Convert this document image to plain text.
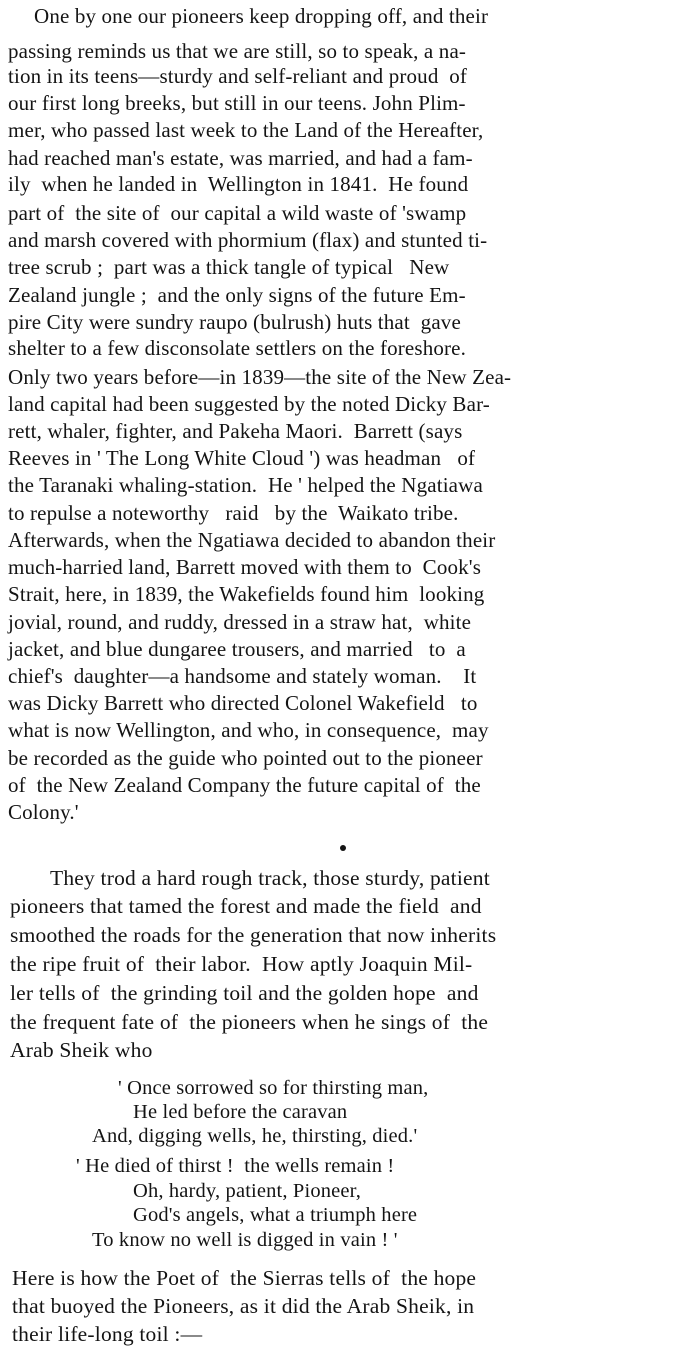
One by one our pioneers keep dropping off, and their
passing reminds us that we are still, so to speak, a na-
tion in its teens—sturdy and self-reliant and proud  of
our first long breeks, but still in our teens. John Plim-
mer, who passed last week to the Land of the Hereafter,
had reached man's estate, was married, and had a fam-
ily  when he landed in  Wellington in 1841.  He found
part of  the site of  our capital a wild waste of 'swamp
and marsh covered with phormium (flax) and stunted ti-
tree scrub ;  part was a thick tangle of typical   New
Zealand jungle ;  and the only signs of the future Em-
pire City were sundry raupo (bulrush) huts that  gave
shelter to a few disconsolate settlers on the foreshore.
Only two years before—in 1839—the site of the New Zea-
land capital had been suggested by the noted Dicky Bar-
rett, whaler, fighter, and Pakeha Maori.  Barrett (says
Reeves in ' The Long White Cloud ') was headman   of
the Taranaki whaling-station.  He ' helped the Ngatiawa
to repulse a noteworthy   raid   by the  Waikato tribe.
Afterwards, when the Ngatiawa decided to abandon their
much-harried land, Barrett moved with them to  Cook's
Strait, here, in 1839, the Wakefields found him  looking
jovial, round, and ruddy, dressed in a straw hat,  white
jacket, and blue dungaree trousers, and married   to  a
chief's  daughter—a handsome and stately woman.    It
was Dicky Barrett who directed Colonel Wakefield   to
what is now Wellington, and who, in consequence,  may
be recorded as the guide who pointed out to the pioneer
of  the New Zealand Company the future capital of  the
Colony.'
They trod a hard rough track, those sturdy, patient
pioneers that tamed the forest and made the field  and
smoothed the roads for the generation that now inherits
the ripe fruit of  their labor.  How aptly Joaquin Mil-
ler tells of  the grinding toil and the golden hope  and
the frequent fate of  the pioneers when he sings of  the
Arab Sheik who
' Once sorrowed so for thirsting man,
He led before the caravan
And, digging wells, he, thirsting, died.'
' He died of thirst !  the wells remain !
Oh, hardy, patient, Pioneer,
God's angels, what a triumph here
To know no well is digged in vain ! '
Here is how the Poet of  the Sierras tells of  the hope
that buoyed the Pioneers, as it did the Arab Sheik, in
their life-long toil :—
